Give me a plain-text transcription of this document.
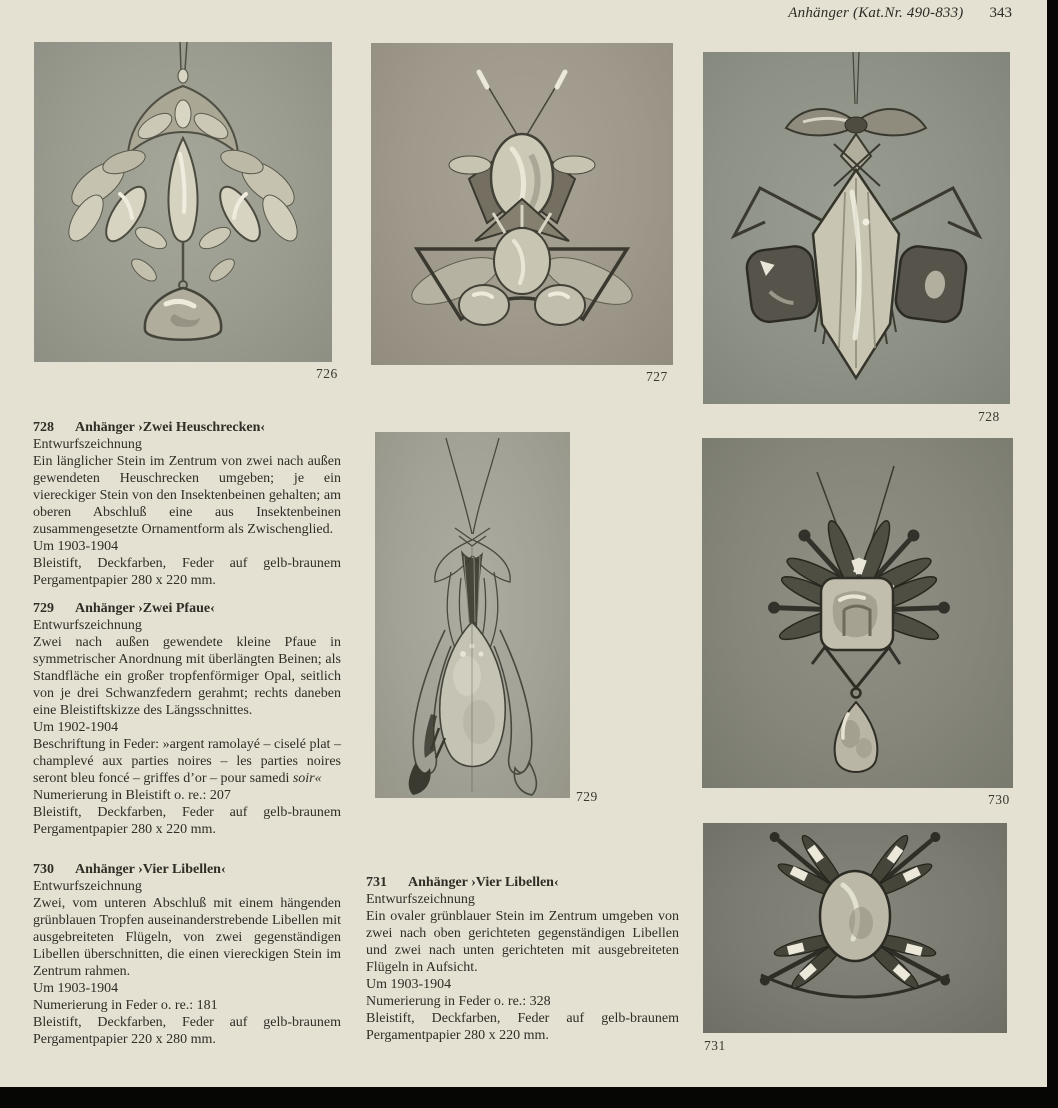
Anhänger (Kat.Nr. 490-833) 343
726	727
728
729	730
731

728 Anhänger ›Zwei Heuschrecken‹

Entwurfszeichnung

Ein länglicher Stein im Zentrum von zwei nach außen gewendeten Heuschrecken umgeben; je ein viereckiger Stein von den Insektenbeinen gehalten; am oberen Abschluß eine aus Insektenbeinen zusammengesetzte Ornamentform als Zwischenglied.

Um 1903-1904

Bleistift, Deckfarben, Feder auf gelb-braunem Pergamentpapier 280 x 220 mm.

729 Anhänger ›Zwei Pfaue‹

Entwurfszeichnung

Zwei nach außen gewendete kleine Pfaue in symmetrischer Anordnung mit überlängten Beinen; als Standfläche ein großer tropfenförmiger Opal, seitlich von je drei Schwanzfedern gerahmt; rechts daneben eine Bleistiftskizze des Längsschnittes.

Um 1902-1904

Beschriftung in Feder: »argent ramolayé – ciselé plat – champlevé aux parties noires – les parties noires seront bleu foncé – griffes d’or – pour samedi soir«

Numerierung in Bleistift o. re.: 207

Bleistift, Deckfarben, Feder auf gelb-braunem Pergamentpapier 280 x 220 mm.

730 Anhänger ›Vier Libellen‹

Entwurfszeichnung

Zwei, vom unteren Abschluß mit einem hängenden grünblauen Tropfen auseinanderstrebende Libellen mit ausgebreiteten Flügeln, von zwei gegenständigen Libellen überschnitten, die einen viereckigen Stein im Zentrum rahmen.

Um 1903-1904

Numerierung in Feder o. re.: 181

Bleistift, Deckfarben, Feder auf gelb-braunem Pergamentpapier 220 x 280 mm.

731 Anhänger ›Vier Libellen‹

Entwurfszeichnung

Ein ovaler grünblauer Stein im Zentrum umgeben von zwei nach oben gerichteten gegenständigen Libellen und zwei nach unten gerichteten mit ausgebreiteten Flügeln in Aufsicht.

Um 1903-1904

Numerierung in Feder o. re.: 328

Bleistift, Deckfarben, Feder auf gelb-braunem Pergamentpapier 280 x 220 mm.
